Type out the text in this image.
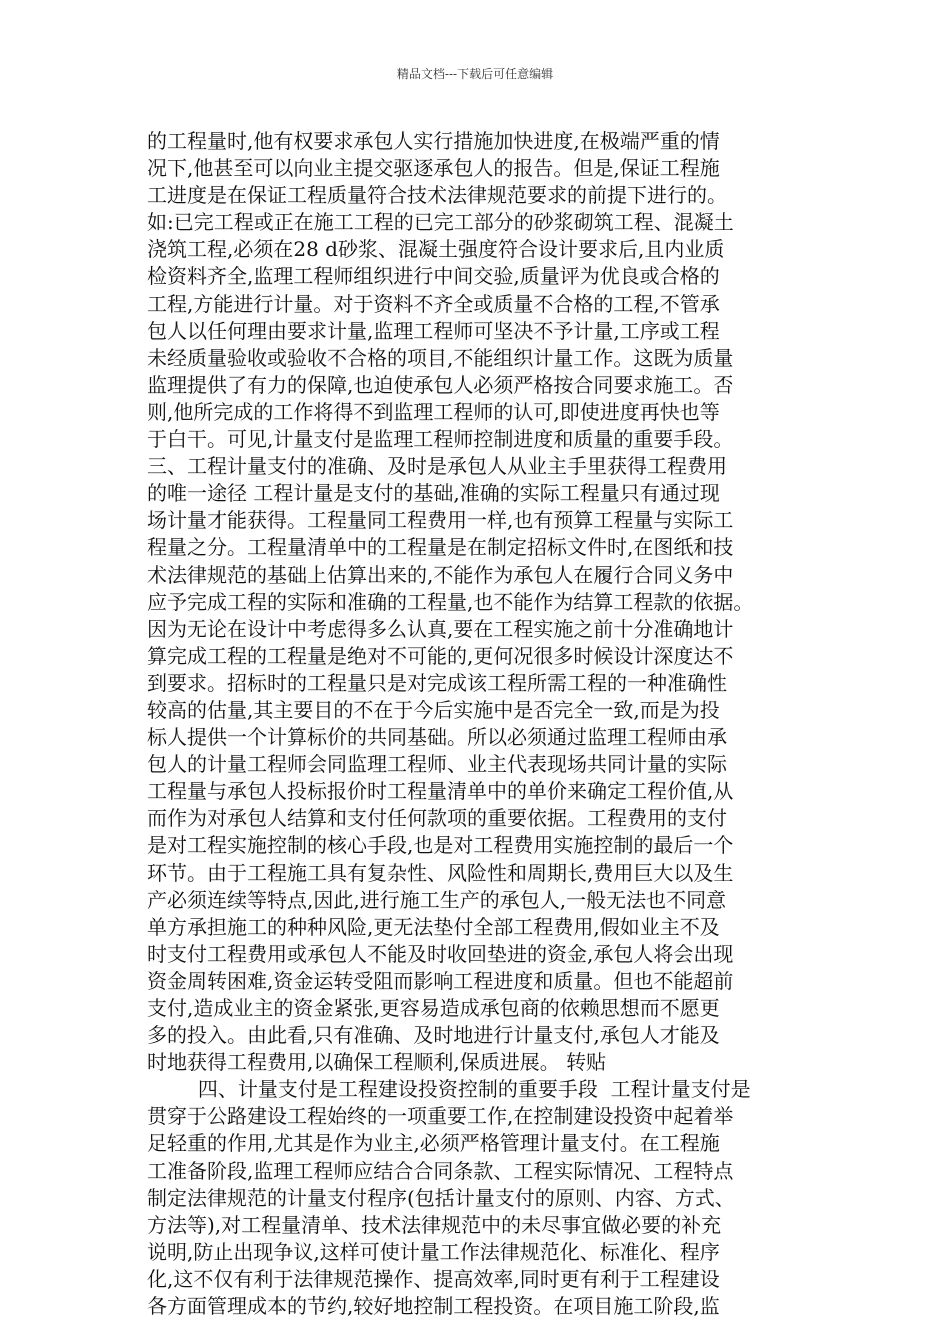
精品文档---下载后可任意编辑
的工程量时,他有权要求承包人实行措施加快进度,在极端严重的情
况下,他甚至可以向业主提交驱逐承包人的报告。但是,保证工程施
工进度是在保证工程质量符合技术法律规范要求的前提下进行的。
如:已完工程或正在施工工程的已完工部分的砂浆砌筑工程、混凝土
浇筑工程,必须在28 d砂浆、混凝土强度符合设计要求后,且内业质
检资料齐全,监理工程师组织进行中间交验,质量评为优良或合格的
工程,方能进行计量。对于资料不齐全或质量不合格的工程,不管承
包人以任何理由要求计量,监理工程师可坚决不予计量,工序或工程
未经质量验收或验收不合格的项目,不能组织计量工作。这既为质量
监理提供了有力的保障,也迫使承包人必须严格按合同要求施工。否
则,他所完成的工作将得不到监理工程师的认可,即使进度再快也等
于白干。可见,计量支付是监理工程师控制进度和质量的重要手段。
三、工程计量支付的准确、及时是承包人从业主手里获得工程费用
的唯一途径 工程计量是支付的基础,准确的实际工程量只有通过现
场计量才能获得。工程量同工程费用一样,也有预算工程量与实际工
程量之分。工程量清单中的工程量是在制定招标文件时,在图纸和技
术法律规范的基础上估算出来的,不能作为承包人在履行合同义务中
应予完成工程的实际和准确的工程量,也不能作为结算工程款的依据。
因为无论在设计中考虑得多么认真,要在工程实施之前十分准确地计
算完成工程的工程量是绝对不可能的,更何况很多时候设计深度达不
到要求。招标时的工程量只是对完成该工程所需工程的一种准确性
较高的估量,其主要目的不在于今后实施中是否完全一致,而是为投
标人提供一个计算标价的共同基础。所以必须通过监理工程师由承
包人的计量工程师会同监理工程师、业主代表现场共同计量的实际
工程量与承包人投标报价时工程量清单中的单价来确定工程价值,从
而作为对承包人结算和支付任何款项的重要依据。工程费用的支付
是对工程实施控制的核心手段,也是对工程费用实施控制的最后一个
环节。由于工程施工具有复杂性、风险性和周期长,费用巨大以及生
产必须连续等特点,因此,进行施工生产的承包人,一般无法也不同意
单方承担施工的种种风险,更无法垫付全部工程费用,假如业主不及
时支付工程费用或承包人不能及时收回垫进的资金,承包人将会出现
资金周转困难,资金运转受阻而影响工程进度和质量。但也不能超前
支付,造成业主的资金紧张,更容易造成承包商的依赖思想而不愿更
多的投入。由此看,只有准确、及时地进行计量支付,承包人才能及
时地获得工程费用,以确保工程顺利,保质进展。 转贴
四、计量支付是工程建设投资控制的重要手段  工程计量支付是
贯穿于公路建设工程始终的一项重要工作,在控制建设投资中起着举
足轻重的作用,尤其是作为业主,必须严格管理计量支付。在工程施
工准备阶段,监理工程师应结合合同条款、工程实际情况、工程特点
制定法律规范的计量支付程序(包括计量支付的原则、内容、方式、
方法等),对工程量清单、技术法律规范中的未尽事宜做必要的补充
说明,防止出现争议,这样可使计量工作法律规范化、标准化、程序
化,这不仅有利于法律规范操作、提高效率,同时更有利于工程建设
各方面管理成本的节约,较好地控制工程投资。在项目施工阶段,监
